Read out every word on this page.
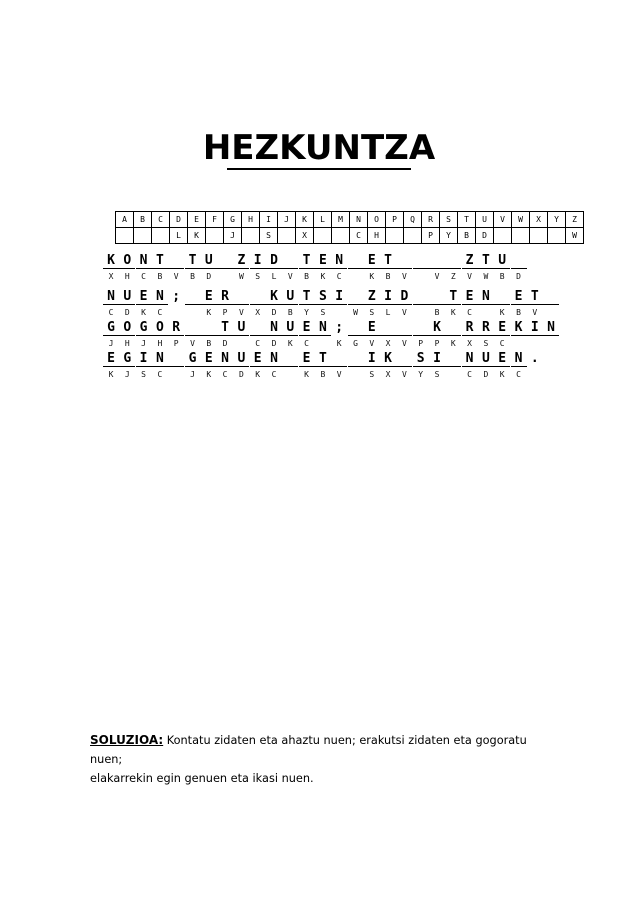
HEZKUNTZA
A	B	C	D	E	F	G	H	I	J	K	L	M	N	O	P	Q	R	S	T	U	V	W	X	Y	Z
			L	K		J		S		X			C	H			P	Y	B	D					W
K O N T	T U	Z I D	T E N	E T	Z T U
X	H	C	B	V	B	D	W	S	L	V	B	K	C	K	B	V	V	Z	V	W	B	D
N U E N ;	E R	K U T S I	Z I D	T E N	E T
C	D	K	C	K	P	V	X	D	B	Y	S	W	S	L	V	B	K	C	K	B	V
G O G O R	T U	N U E N ;	E	K	R R E K I N
J	H	J	H	P	V	B	D	C	D	K	C	K	G	V	X	V	P	P	K	X	S	C
E G I N	G E N U E N	E T	I K	S I	N U E N .
K	J	S	C	J	K	C	D	K	C	K	B	V	S	X	V	Y	S	C	D	K	C
SOLUZIOA: Kontatu zidaten eta ahaztu nuen; erakutsi zidaten eta gogoratu nuen;
elakarrekin egin genuen eta ikasi nuen.
